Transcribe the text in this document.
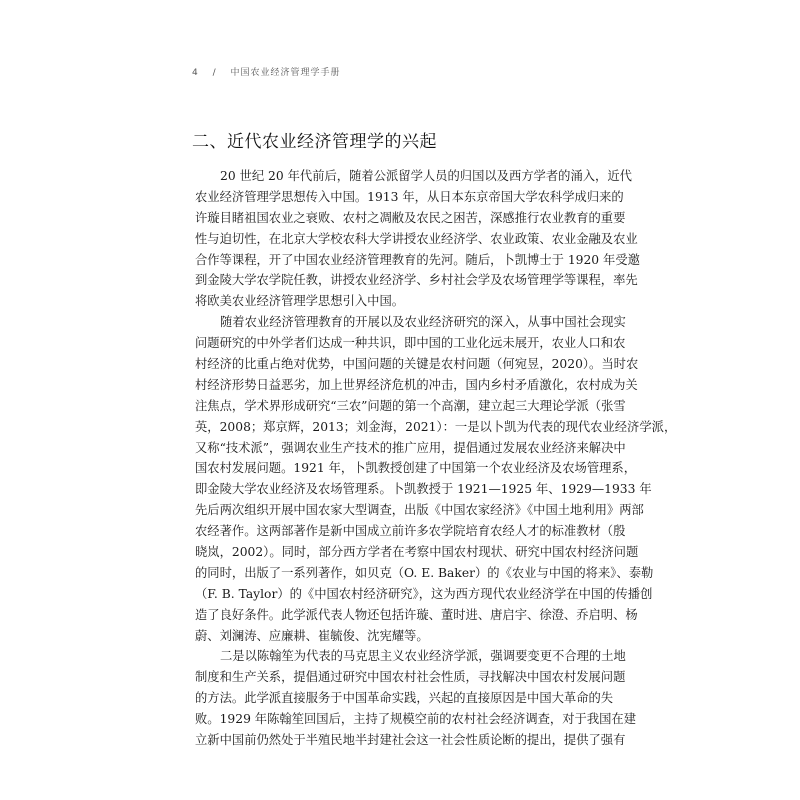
4 / 中国农业经济管理学手册
二、近代农业经济管理学的兴起
20 世纪 20 年代前后，随着公派留学人员的归国以及西方学者的涌入，近代
农业经济管理学思想传入中国。1913 年，从日本东京帝国大学农科学成归来的
许璇目睹祖国农业之衰败、农村之凋敝及农民之困苦，深感推行农业教育的重要
性与迫切性，在北京大学校农科大学讲授农业经济学、农业政策、农业金融及农业
合作等课程，开了中国农业经济管理教育的先河。随后，卜凯博士于 1920 年受邀
到金陵大学农学院任教，讲授农业经济学、乡村社会学及农场管理学等课程，率先
将欧美农业经济管理学思想引入中国。
随着农业经济管理教育的开展以及农业经济研究的深入，从事中国社会现实
问题研究的中外学者们达成一种共识，即中国的工业化远未展开，农业人口和农
村经济的比重占绝对优势，中国问题的关键是农村问题（何宛昱，2020）。当时农
村经济形势日益恶劣，加上世界经济危机的冲击，国内乡村矛盾激化，农村成为关
注焦点，学术界形成研究“三农”问题的第一个高潮，建立起三大理论学派（张雪
英，2008；郑京辉，2013；刘金海，2021）：一是以卜凯为代表的现代农业经济学派，
又称“技术派”，强调农业生产技术的推广应用，提倡通过发展农业经济来解决中
国农村发展问题。1921 年，卜凯教授创建了中国第一个农业经济及农场管理系，
即金陵大学农业经济及农场管理系。卜凯教授于 1921—1925 年、1929—1933 年
先后两次组织开展中国农家大型调查，出版《中国农家经济》《中国土地利用》两部
农经著作。这两部著作是新中国成立前许多农学院培育农经人才的标准教材（殷
晓岚，2002）。同时，部分西方学者在考察中国农村现状、研究中国农村经济问题
的同时，出版了一系列著作，如贝克（O. E. Baker）的《农业与中国的将来》、泰勒
（F. B. Taylor）的《中国农村经济研究》，这为西方现代农业经济学在中国的传播创
造了良好条件。此学派代表人物还包括许璇、董时进、唐启宇、徐澄、乔启明、杨
蔚、刘澜涛、应廉耕、崔毓俊、沈宪耀等。
二是以陈翰笙为代表的马克思主义农业经济学派，强调要变更不合理的土地
制度和生产关系，提倡通过研究中国农村社会性质，寻找解决中国农村发展问题
的方法。此学派直接服务于中国革命实践，兴起的直接原因是中国大革命的失
败。1929 年陈翰笙回国后，主持了规模空前的农村社会经济调查，对于我国在建
立新中国前仍然处于半殖民地半封建社会这一社会性质论断的提出，提供了强有
